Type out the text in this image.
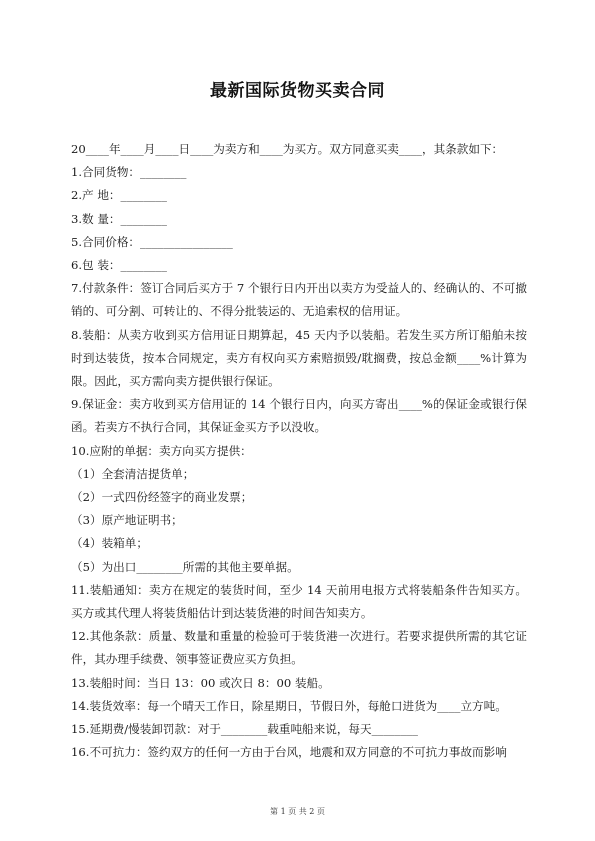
最新国际货物买卖合同

20____年____月____日____为卖方和____为买方。双方同意买卖____，其条款如下：

1.合同货物：________

2.产 地：________

3.数 量：________

5.合同价格：________________

6.包 装：________

7.付款条件：签订合同后买方于 7 个银行日内开出以卖方为受益人的、经确认的、不可撤销的、可分割、可转让的、不得分批装运的、无追索权的信用证。

8.装船：从卖方收到买方信用证日期算起，45 天内予以装船。若发生买方所订船舶未按时到达装货，按本合同规定，卖方有权向买方索赔损毁/耽搁费，按总金额____%计算为限。因此，买方需向卖方提供银行保证。

9.保证金：卖方收到买方信用证的 14 个银行日内，向买方寄出____%的保证金或银行保函。若卖方不执行合同，其保证金买方予以没收。

10.应附的单据：卖方向买方提供：

（1）全套清洁提货单；

（2）一式四份经签字的商业发票；

（3）原产地证明书；

（4）装箱单；

（5）为出口________所需的其他主要单据。

11.装船通知：卖方在规定的装货时间，至少 14 天前用电报方式将装船条件告知买方。买方或其代理人将装货船估计到达装货港的时间告知卖方。

12.其他条款：质量、数量和重量的检验可于装货港一次进行。若要求提供所需的其它证件，其办理手续费、领事签证费应买方负担。

13.装船时间：当日 13：00 或次日 8：00 装船。

14.装货效率：每一个晴天工作日，除星期日，节假日外，每舱口进货为____立方吨。

15.延期费/慢装卸罚款：对于________载重吨船来说，每天________

16.不可抗力：签约双方的任何一方由于台风，地震和双方同意的不可抗力事故而影响

第 1 页 共 2 页
